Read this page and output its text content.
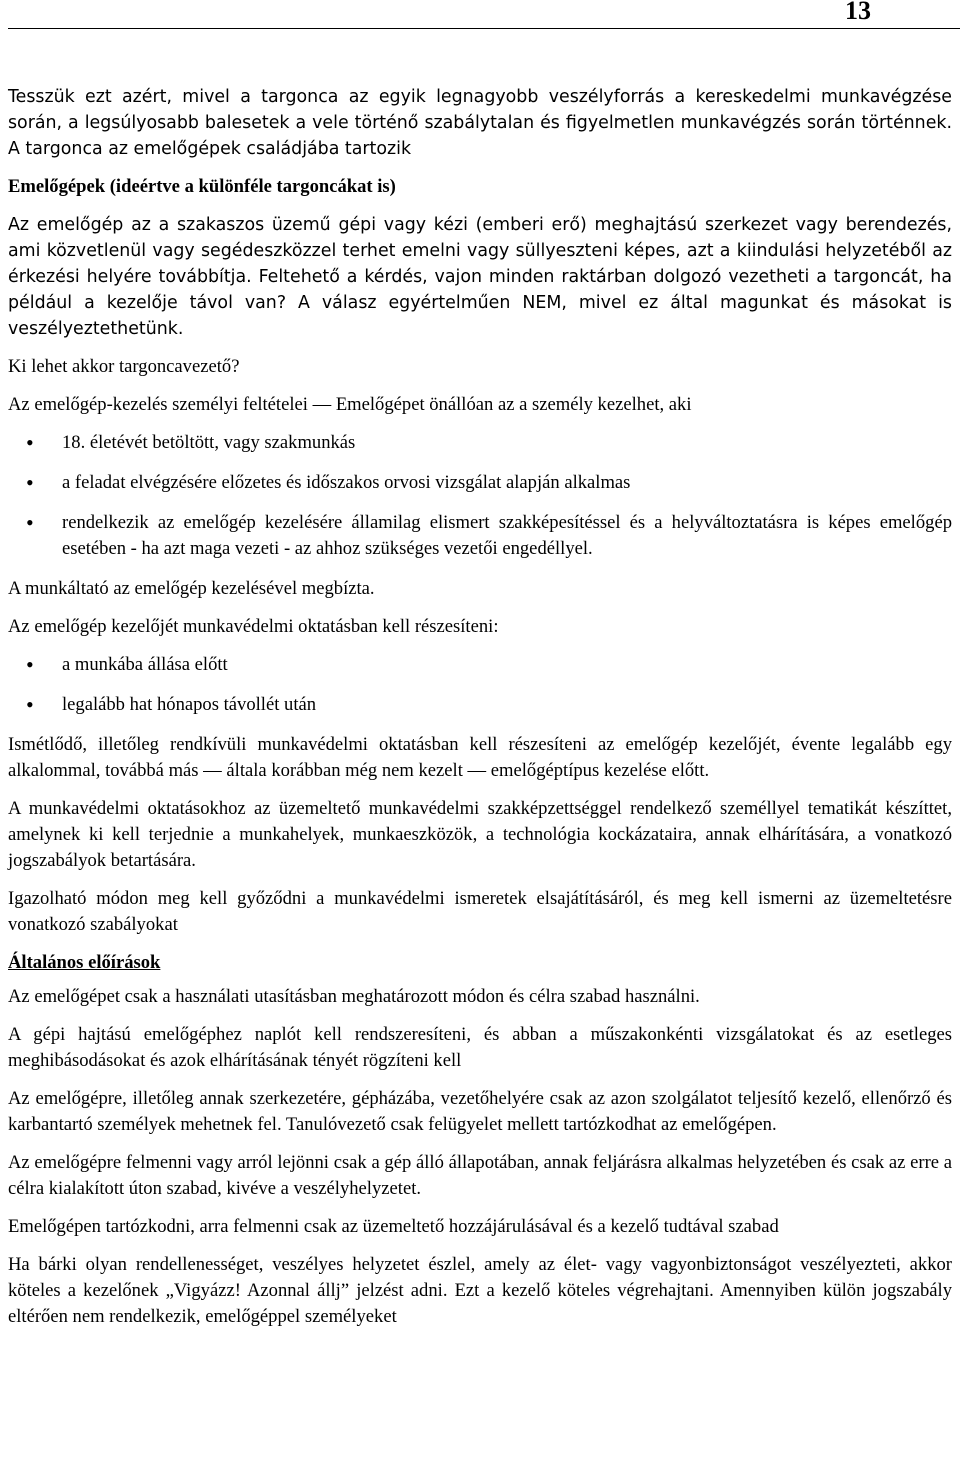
13

Tesszük ezt azért, mivel a targonca az egyik legnagyobb veszélyforrás a kereskedelmi munkavégzése során, a legsúlyosabb balesetek a vele történő szabálytalan és figyelmetlen munkavégzés során történnek. A targonca az emelőgépek családjába tartozik

Emelőgépek (ideértve a különféle targoncákat is)

Az emelőgép az a szakaszos üzemű gépi vagy kézi (emberi erő) meghajtású szerkezet vagy berendezés, ami közvetlenül vagy segédeszközzel terhet emelni vagy süllyeszteni képes, azt a kiindulási helyzetéből az érkezési helyére továbbítja. Feltehető a kérdés, vajon minden raktárban dolgozó vezetheti a targoncát, ha például a kezelője távol van? A válasz egyértelműen NEM, mivel ez által magunkat és másokat is veszélyeztethetünk.

Ki lehet akkor targoncavezető?

Az emelőgép-kezelés személyi feltételei — Emelőgépet önállóan az a személy kezelhet, aki

• 18. életévét betöltött, vagy szakmunkás
• a feladat elvégzésére előzetes és időszakos orvosi vizsgálat alapján alkalmas
• rendelkezik az emelőgép kezelésére államilag elismert szakképesítéssel és a helyváltoztatásra is képes emelőgép esetében - ha azt maga vezeti - az ahhoz szükséges vezetői engedéllyel.

A munkáltató az emelőgép kezelésével megbízta.

Az emelőgép kezelőjét munkavédelmi oktatásban kell részesíteni:

• a munkába állása előtt
• legalább hat hónapos távollét után

Ismétlődő, illetőleg rendkívüli munkavédelmi oktatásban kell részesíteni az emelőgép kezelőjét, évente legalább egy alkalommal, továbbá más — általa korábban még nem kezelt — emelőgéptípus kezelése előtt.

A munkavédelmi oktatásokhoz az üzemeltető munkavédelmi szakképzettséggel rendelkező személlyel tematikát készíttet, amelynek ki kell terjednie a munkahelyek, munkaeszközök, a technológia kockázataira, annak elhárítására, a vonatkozó jogszabályok betartására.

Igazolható módon meg kell győződni a munkavédelmi ismeretek elsajátításáról, és meg kell ismerni az üzemeltetésre vonatkozó szabályokat

Általános előírások

Az emelőgépet csak a használati utasításban meghatározott módon és célra szabad használni.

A gépi hajtású emelőgéphez naplót kell rendszeresíteni, és abban a műszakonkénti vizsgálatokat és az esetleges meghibásodásokat és azok elhárításának tényét rögzíteni kell

Az emelőgépre, illetőleg annak szerkezetére, gépházába, vezetőhelyére csak az azon szolgálatot teljesítő kezelő, ellenőrző és karbantartó személyek mehetnek fel. Tanulóvezető csak felügyelet mellett tartózkodhat az emelőgépen.

Az emelőgépre felmenni vagy arról lejönni csak a gép álló állapotában, annak feljárásra alkalmas helyzetében és csak az erre a célra kialakított úton szabad, kivéve a veszélyhelyzetet.

Emelőgépen tartózkodni, arra felmenni csak az üzemeltető hozzájárulásával és a kezelő tudtával szabad

Ha bárki olyan rendellenességet, veszélyes helyzetet észlel, amely az élet- vagy vagyonbiztonságot veszélyezteti, akkor köteles a kezelőnek „Vigyázz! Azonnal állj” jelzést adni. Ezt a kezelő köteles végrehajtani. Amennyiben külön jogszabály eltérően nem rendelkezik, emelőgéppel személyeket
